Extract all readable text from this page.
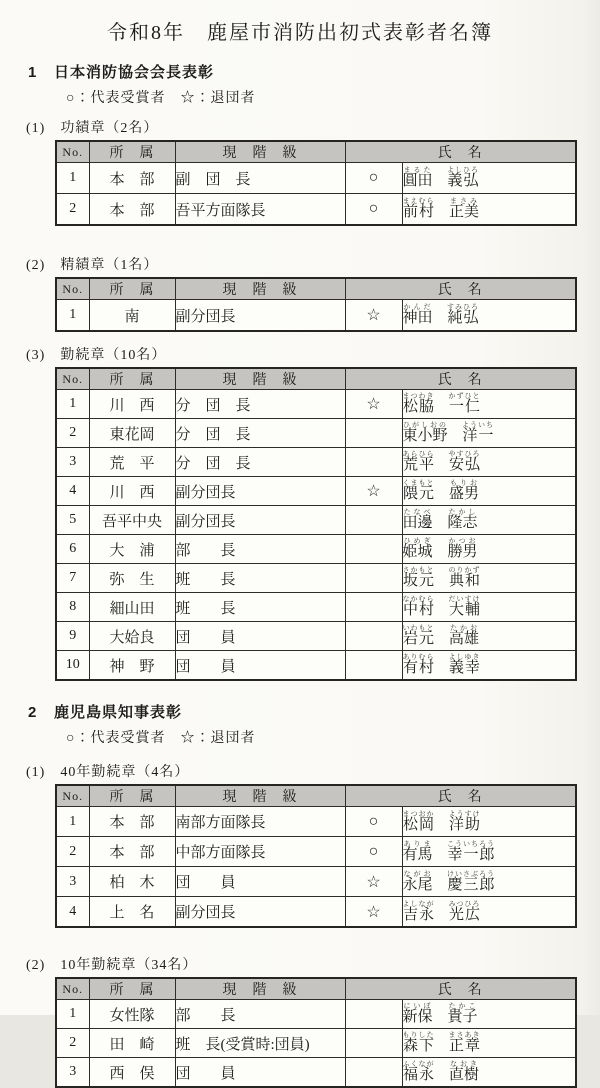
令和8年　鹿屋市消防出初式表彰者名簿
1 日本消防協会会長表彰
○：代表受賞者　☆：退団者
(1)　功績章（2名）
No.	所　属	現　階　級	氏　名	
1	本　部	副　団　長	○	圓田まるた　義弘よしひろ
2	本　部	吾平方面隊長	○	前村まえむら　正美まさみ
(2)　精績章（1名）
No.	所　属	現　階　級	氏　名	
1	南	副分団長	☆	神田かんだ　純弘すみひろ
(3)　勤続章（10名）
No.	所　属	現　階　級	氏　名	
1	川　西	分　団　長	☆	松脇まつわき　一仁かずひと
2	東花岡	分　団　長		東小野ひがしおの　洋一よういち
3	荒　平	分　団　長		荒平あらひら　安弘やすひろ
4	川　西	副分団長	☆	隈元くまもと　盛男もりお
5	吾平中央	副分団長		田邊たなべ　隆志たかし
6	大　浦	部　　長		姫城ひめぎ　勝男かつお
7	弥　生	班　　長		坂元さかもと　典和のりかず
8	細山田	班　　長		中村なかむら　大輔だいすけ
9	大姶良	団　　員		岩元いわもと　高雄たかお
10	神　野	団　　員		有村ありむら　義幸よしゆき
2 鹿児島県知事表彰
○：代表受賞者　☆：退団者
(1)　40年勤続章（4名）
No.	所　属	現　階　級	氏　名	
1	本　部	南部方面隊長	○	松岡まつおか　洋助ようすけ
2	本　部	中部方面隊長	○	有馬ありま　幸一郎こういちろう
3	柏　木	団　　員	☆	永尾ながお　慶三郎けいさぶろう
4	上　名	副分団長	☆	吉永よしなが　光広みつひろ
(2)　10年勤続章（34名）
No.	所　属	現　階　級	氏　名	
1	女性隊	部　　長		新保にいぼ　貴子たかこ
2	田　崎	班　長(受賞時:団員)		森下もりした　正章まさあき
3	西　俣	団　　員		福永ふくなが　直樹なおき
